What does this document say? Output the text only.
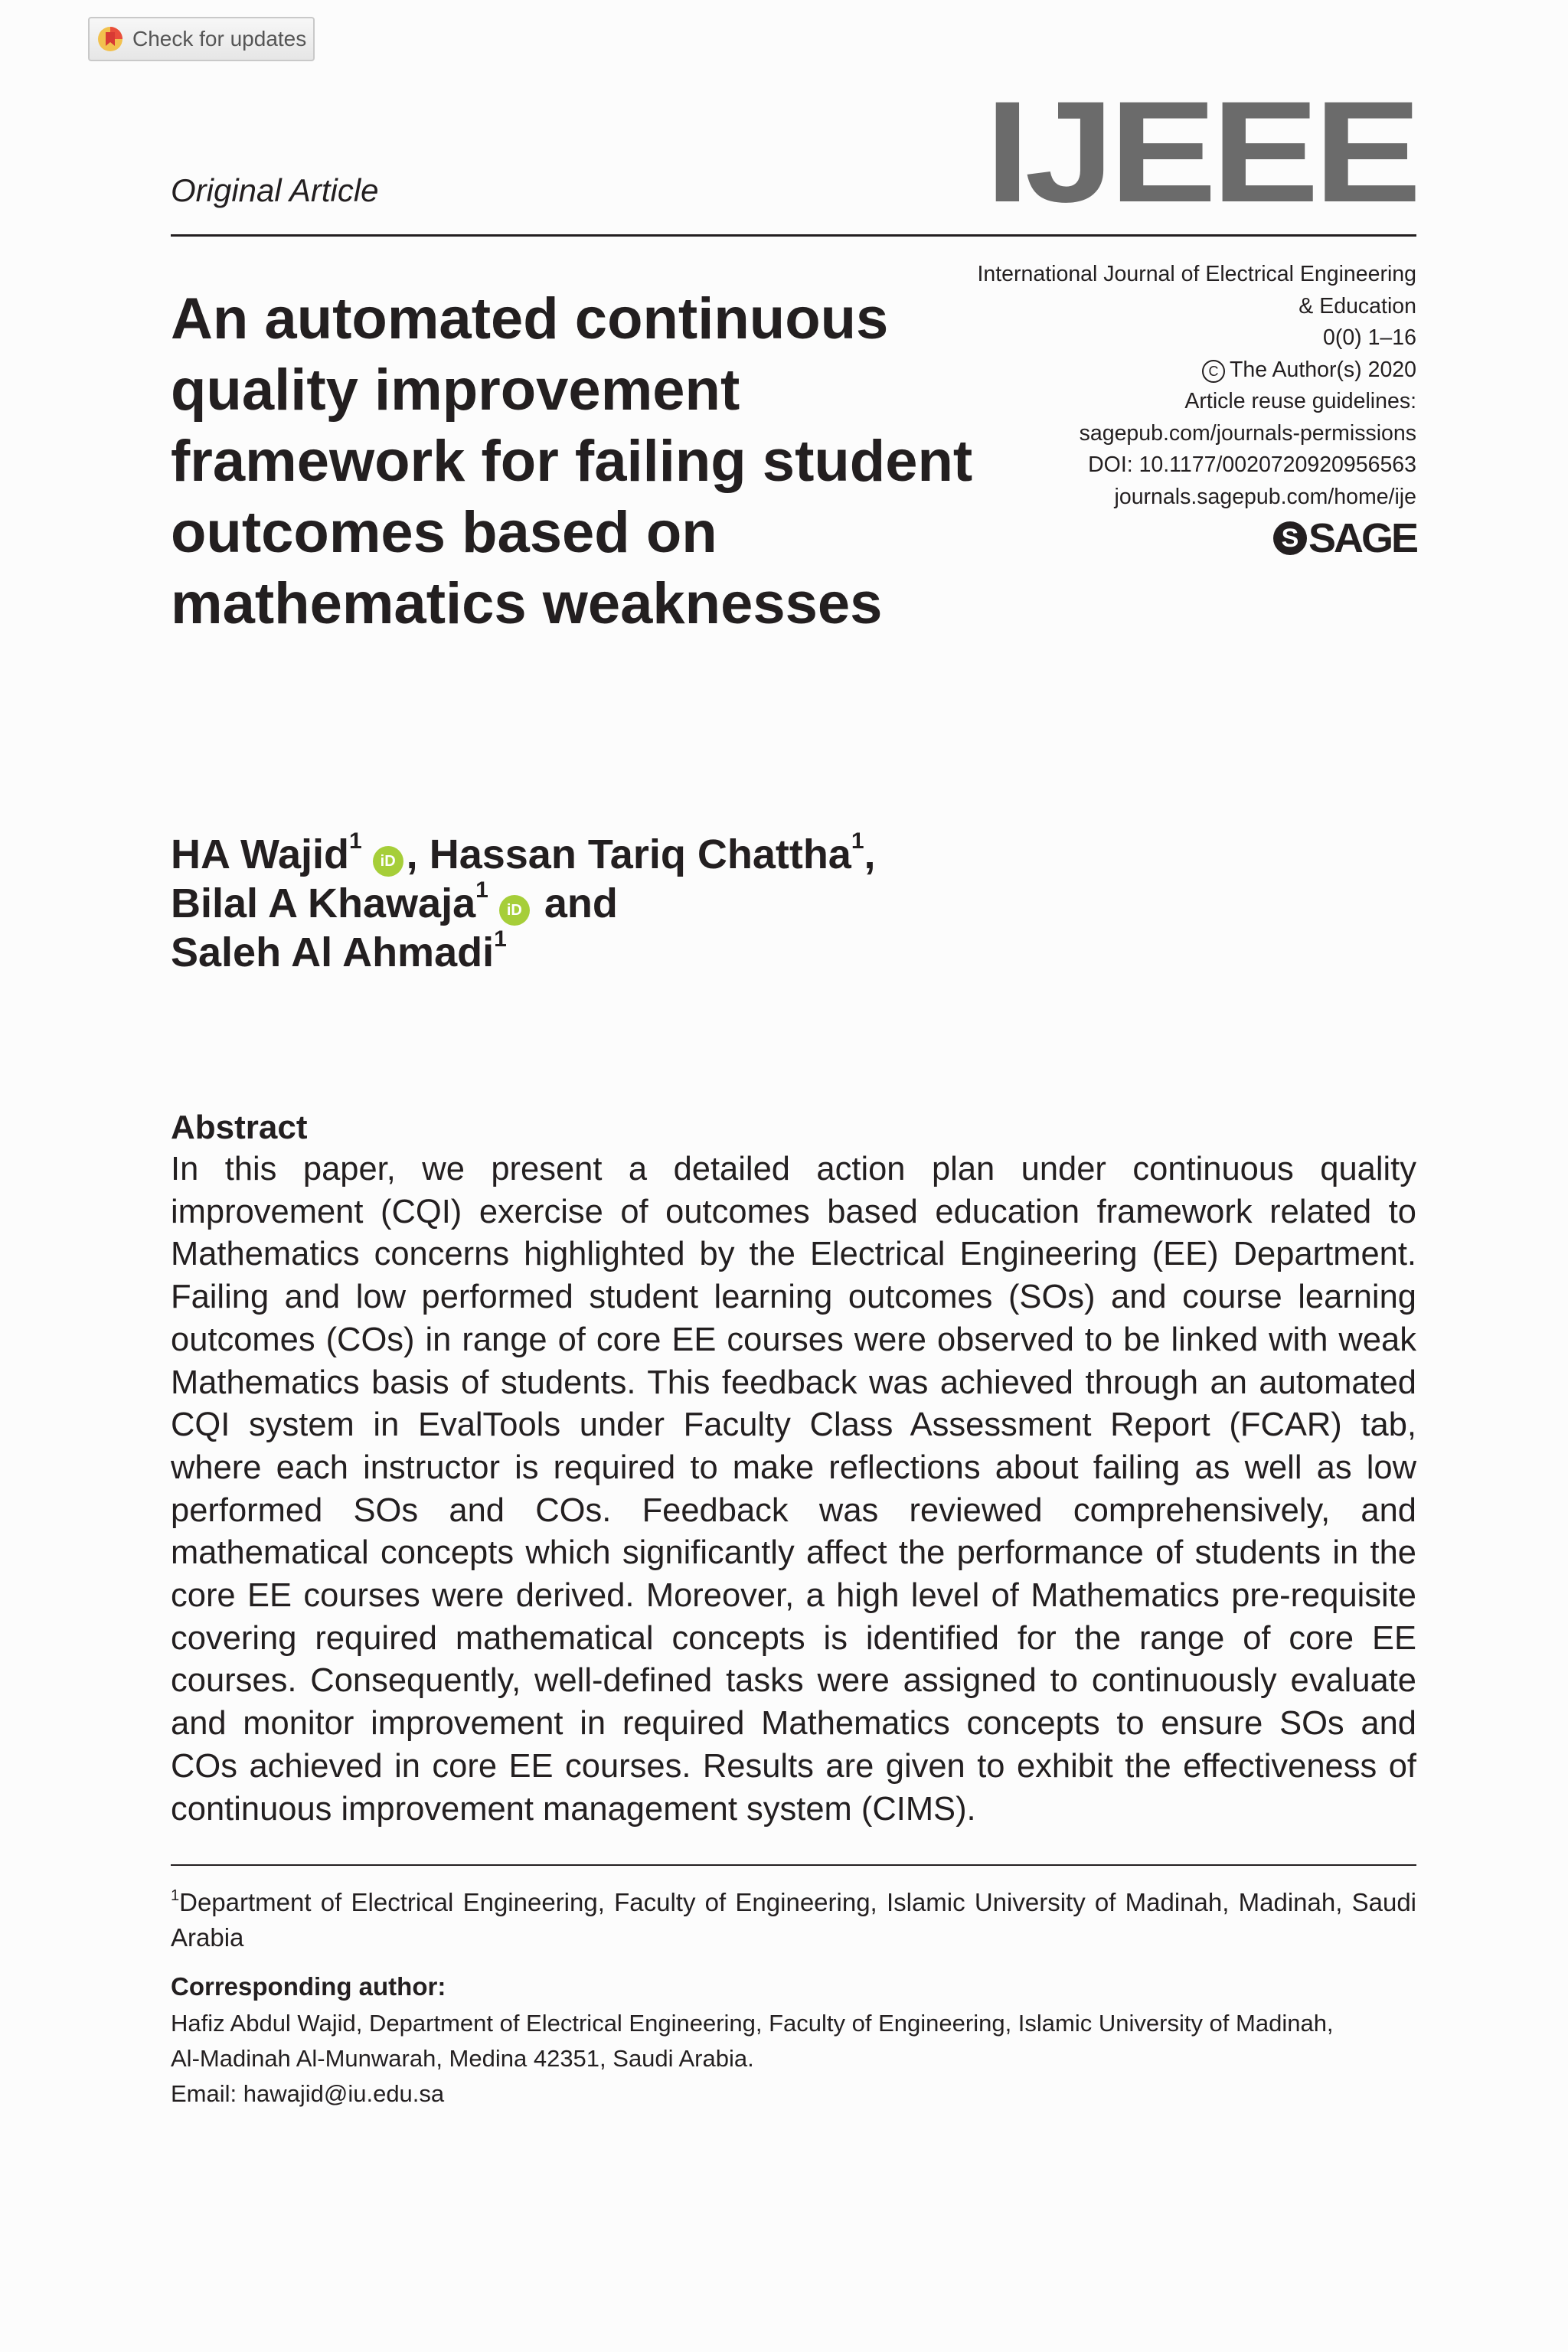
Check for updates
Original Article	IJEEE
An automated continuous quality improvement framework for failing student outcomes based on mathematics weaknesses
International Journal of Electrical Engineering
& Education
0(0) 1–16
C The Author(s) 2020
Article reuse guidelines:
sagepub.com/journals-permissions
DOI: 10.1177/0020720920956563
journals.sagepub.com/home/ije
S SAGE
HA Wajid$^1$iD , Hassan Tariq Chattha$^1$,
Bilal A Khawaja$^1$iD and
Saleh Al Ahmadi$^1$
Abstract

In this paper, we present a detailed action plan under continuous quality improvement (CQI) exercise of outcomes based education framework related to Mathematics concerns highlighted by the Electrical Engineering (EE) Department. Failing and low performed student learning outcomes (SOs) and course learning outcomes (COs) in range of core EE courses were observed to be linked with weak Mathematics basis of students. This feedback was achieved through an automated CQI system in EvalTools under Faculty Class Assessment Report (FCAR) tab, where each instructor is required to make reflections about failing as well as low performed SOs and COs. Feedback was reviewed comprehensively, and mathematical concepts which significantly affect the performance of students in the core EE courses were derived. Moreover, a high level of Mathematics pre-requisite covering required mathematical concepts is identified for the range of core EE courses. Consequently, well-defined tasks were assigned to continuously evaluate and monitor improvement in required Mathematics concepts to ensure SOs and COs achieved in core EE courses. Results are given to exhibit the effectiveness of continuous improvement management system (CIMS).

$^1$Department of Electrical Engineering, Faculty of Engineering, Islamic University of Madinah, Madinah, Saudi Arabia

Corresponding author:
Hafiz Abdul Wajid, Department of Electrical Engineering, Faculty of Engineering, Islamic University of Madinah,
Al-Madinah Al-Munwarah, Medina 42351, Saudi Arabia.
Email: hawajid@iu.edu.sa
